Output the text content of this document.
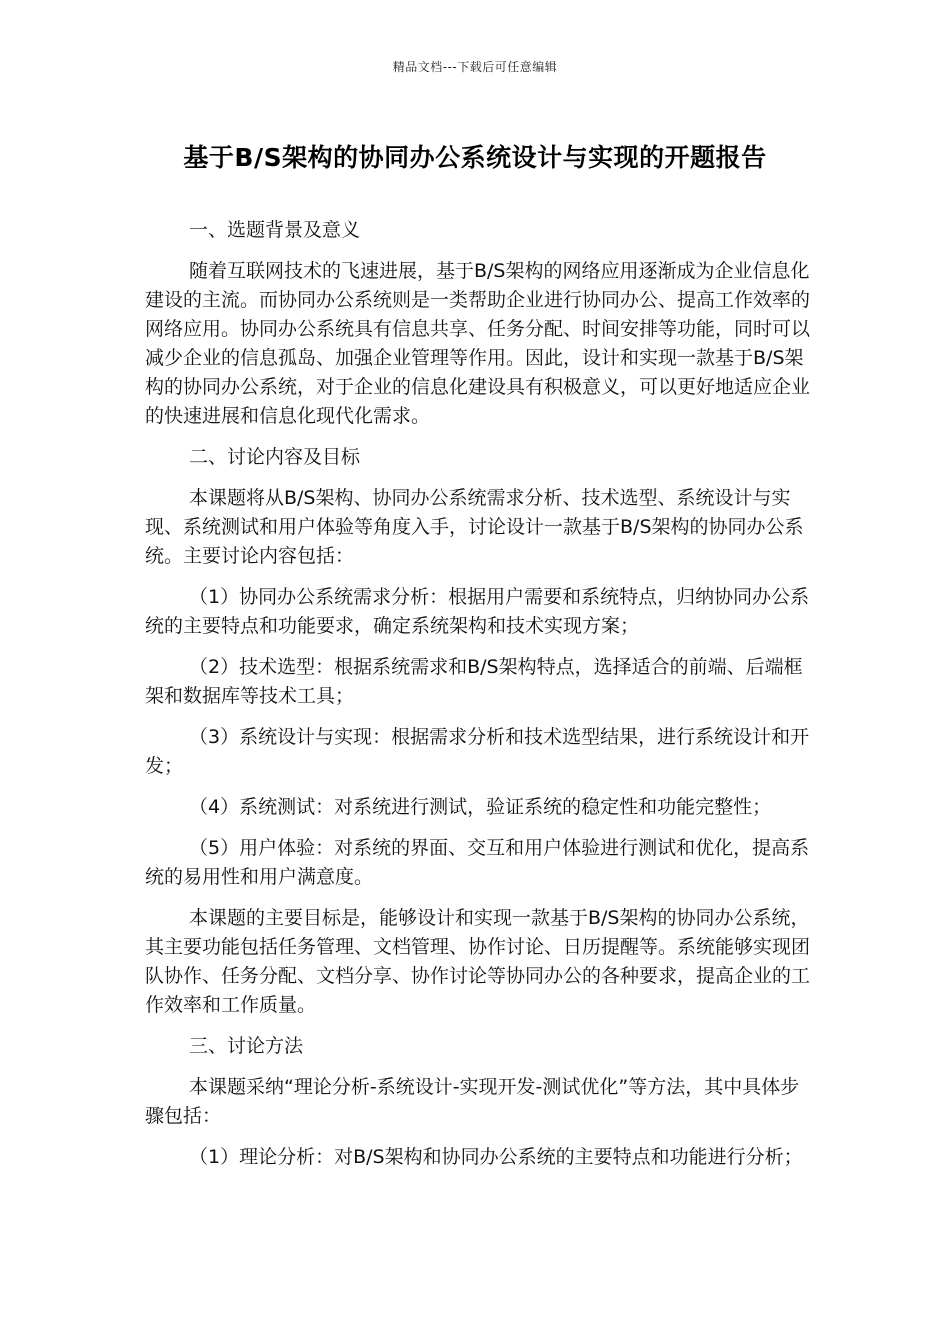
精品文档---下载后可任意编辑
基于B/S架构的协同办公系统设计与实现的开题报告

一、选题背景及意义

随着互联网技术的飞速进展，基于B/S架构的网络应用逐渐成为企业信息化建设的主流。而协同办公系统则是一类帮助企业进行协同办公、提高工作效率的网络应用。协同办公系统具有信息共享、任务分配、时间安排等功能，同时可以减少企业的信息孤岛、加强企业管理等作用。因此，设计和实现一款基于B/S架构的协同办公系统，对于企业的信息化建设具有积极意义，可以更好地适应企业的快速进展和信息化现代化需求。

二、讨论内容及目标

本课题将从B/S架构、协同办公系统需求分析、技术选型、系统设计与实现、系统测试和用户体验等角度入手，讨论设计一款基于B/S架构的协同办公系统。主要讨论内容包括：

（1）协同办公系统需求分析：根据用户需要和系统特点，归纳协同办公系统的主要特点和功能要求，确定系统架构和技术实现方案；

（2）技术选型：根据系统需求和B/S架构特点，选择适合的前端、后端框架和数据库等技术工具；

（3）系统设计与实现：根据需求分析和技术选型结果，进行系统设计和开发；

（4）系统测试：对系统进行测试，验证系统的稳定性和功能完整性；

（5）用户体验：对系统的界面、交互和用户体验进行测试和优化，提高系统的易用性和用户满意度。

本课题的主要目标是，能够设计和实现一款基于B/S架构的协同办公系统，其主要功能包括任务管理、文档管理、协作讨论、日历提醒等。系统能够实现团队协作、任务分配、文档分享、协作讨论等协同办公的各种要求，提高企业的工作效率和工作质量。

三、讨论方法

本课题采纳“理论分析-系统设计-实现开发-测试优化”等方法，其中具体步骤包括：

（1）理论分析：对B/S架构和协同办公系统的主要特点和功能进行分析；
